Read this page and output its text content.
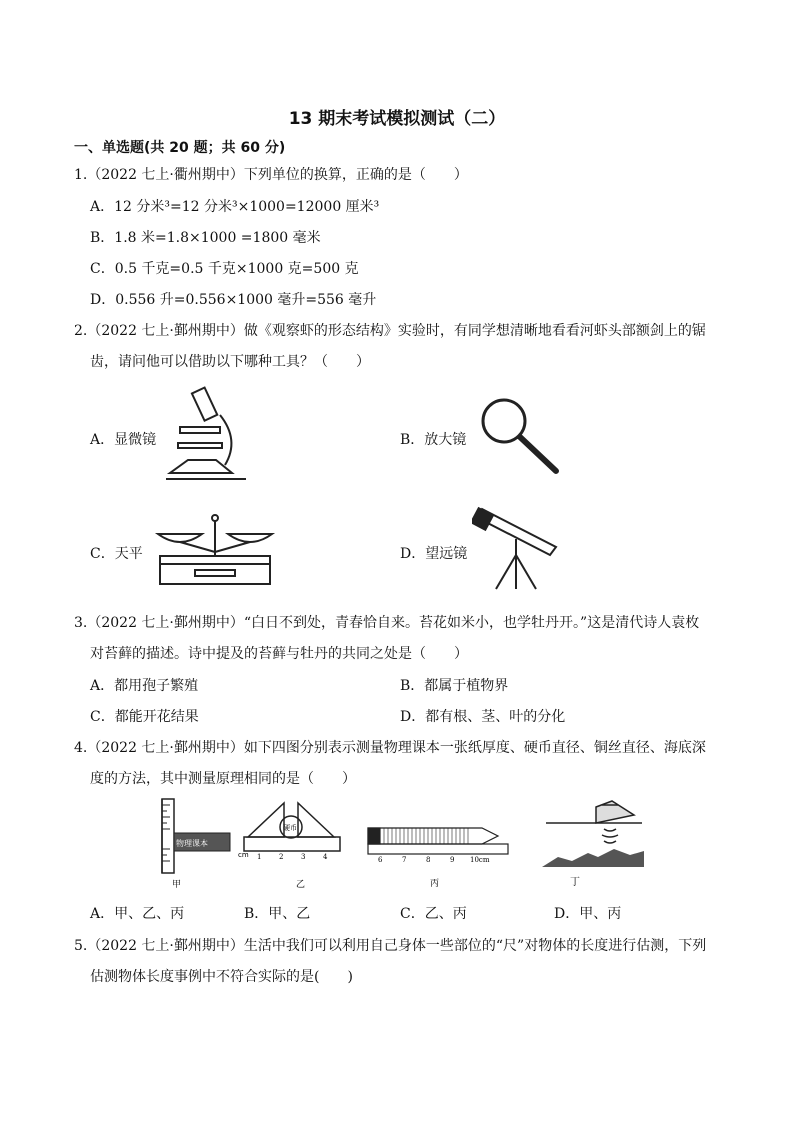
13 期末考试模拟测试（二）
一、单选题(共 20 题；共 60 分)
1.（2022 七上·衢州期中）下列单位的换算，正确的是（　　）
A．12 分米³=12 分米³×1000=12000 厘米³
B．1.8 米=1.8×1000 =1800 毫米
C．0.5 千克=0.5 千克×1000 克=500 克
D．0.556 升=0.556×1000 毫升=556 毫升
2.（2022 七上·鄞州期中）做《观察虾的形态结构》实验时，有同学想清晰地看看河虾头部额剑上的锯
齿，请问他可以借助以下哪种工具？（　　）
A．显微镜	B．放大镜
C．天平	D．望远镜
3.（2022 七上·鄞州期中）“白日不到处，青春恰自来。苔花如米小，也学牡丹开。”这是清代诗人袁枚
对苔藓的描述。诗中提及的苔藓与牡丹的共同之处是（　　）
A．都用孢子繁殖	B．都属于植物界
C．都能开花结果	D．都有根、茎、叶的分化
4.（2022 七上·鄞州期中）如下四图分别表示测量物理课本一张纸厚度、硬币直径、铜丝直径、海底深
度的方法，其中测量原理相同的是（　　）
物理课本
甲
硬币
cm 1	2	3	4
乙
6	7	8	9 10cm
丙	丁
A．甲、乙、丙	B．甲、乙	C．乙、丙	D．甲、丙
5.（2022 七上·鄞州期中）生活中我们可以利用自己身体一些部位的“尺”对物体的长度进行估测，下列
估测物体长度事例中不符合实际的是(　　)
